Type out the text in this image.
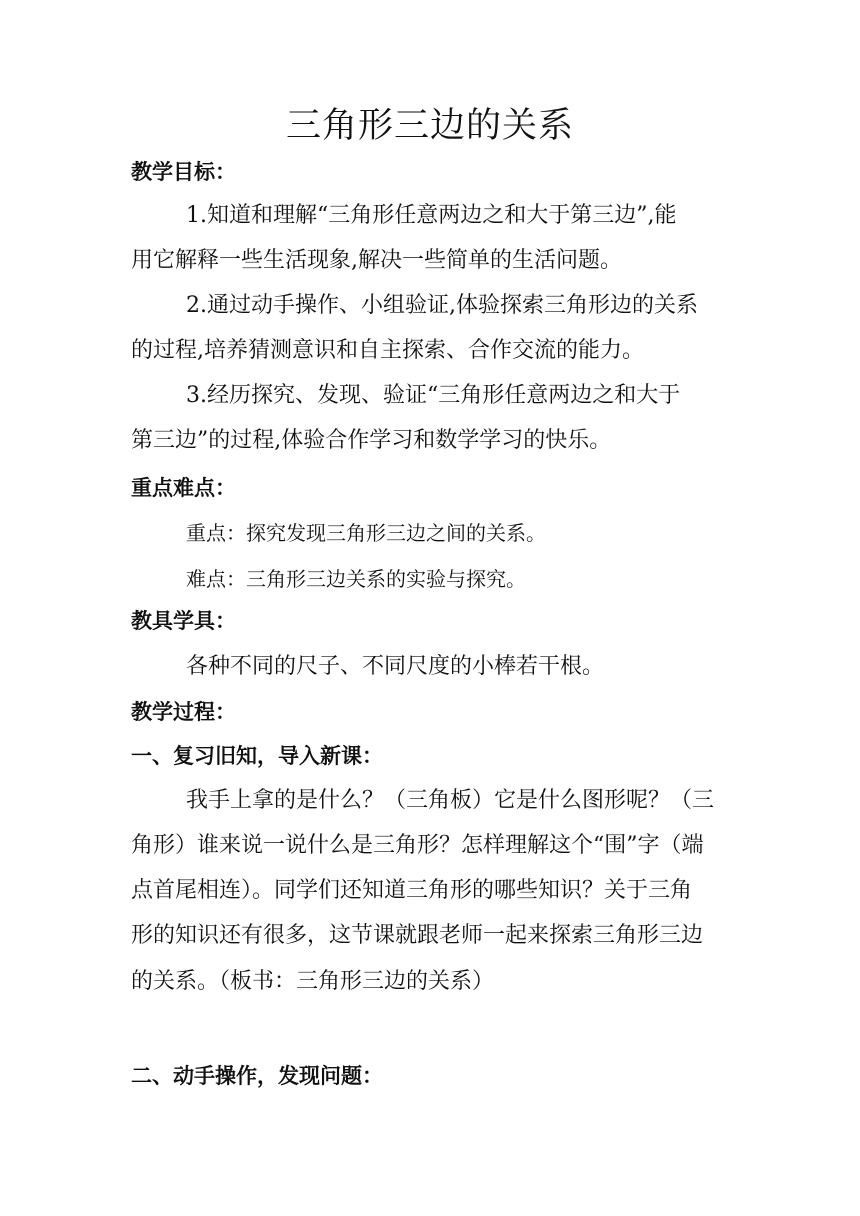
三角形三边的关系
教学目标：
1.知道和理解“三角形任意两边之和大于第三边”,能
用它解释一些生活现象,解决一些简单的生活问题。
2.通过动手操作、小组验证,体验探索三角形边的关系
的过程,培养猜测意识和自主探索、合作交流的能力。
3.经历探究、发现、验证“三角形任意两边之和大于
第三边”的过程,体验合作学习和数学学习的快乐。
重点难点：
重点：探究发现三角形三边之间的关系。
难点：三角形三边关系的实验与探究。
教具学具：
各种不同的尺子、不同尺度的小棒若干根。
教学过程：
一、复习旧知，导入新课：
我手上拿的是什么？（三角板）它是什么图形呢？（三
角形）谁来说一说什么是三角形？怎样理解这个“围”字（端
点首尾相连）。同学们还知道三角形的哪些知识？关于三角
形的知识还有很多，这节课就跟老师一起来探索三角形三边
的关系。（板书：三角形三边的关系）
二、动手操作，发现问题：
